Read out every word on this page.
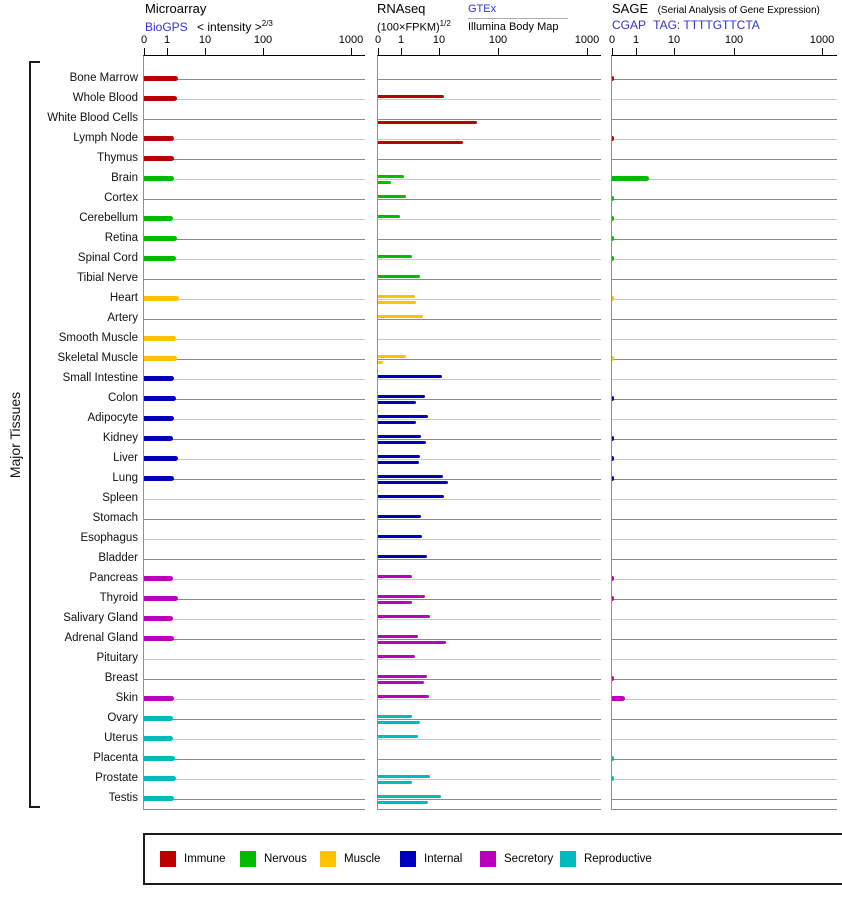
Major Tissues
Microarray
BioGPS < intensity >$^{2/3}$
RNAseq
(100×FPKM)$^{1/2}$
GTEx
Illumina Body Map
SAGE (Serial Analysis of Gene Expression)
CGAP TAG: TTTTGTTCTA
Bone Marrow
Whole Blood
White Blood Cells
Lymph Node
Thymus
Brain
Cortex
Cerebellum
Retina
Spinal Cord
Tibial Nerve
Heart
Artery
Smooth Muscle
Skeletal Muscle
Small Intestine
Colon
Adipocyte
Kidney
Liver
Lung
Spleen
Stomach
Esophagus
Bladder
Pancreas
Thyroid
Salivary Gland
Adrenal Gland
Pituitary
Breast
Skin
Ovary
Uterus
Placenta
Prostate
Testis
0 1	10	100	1000 0 1	10	100	1000 0 1	10	100	1000
Immune	Nervous	Muscle	Internal	Secretory	Reproductive
